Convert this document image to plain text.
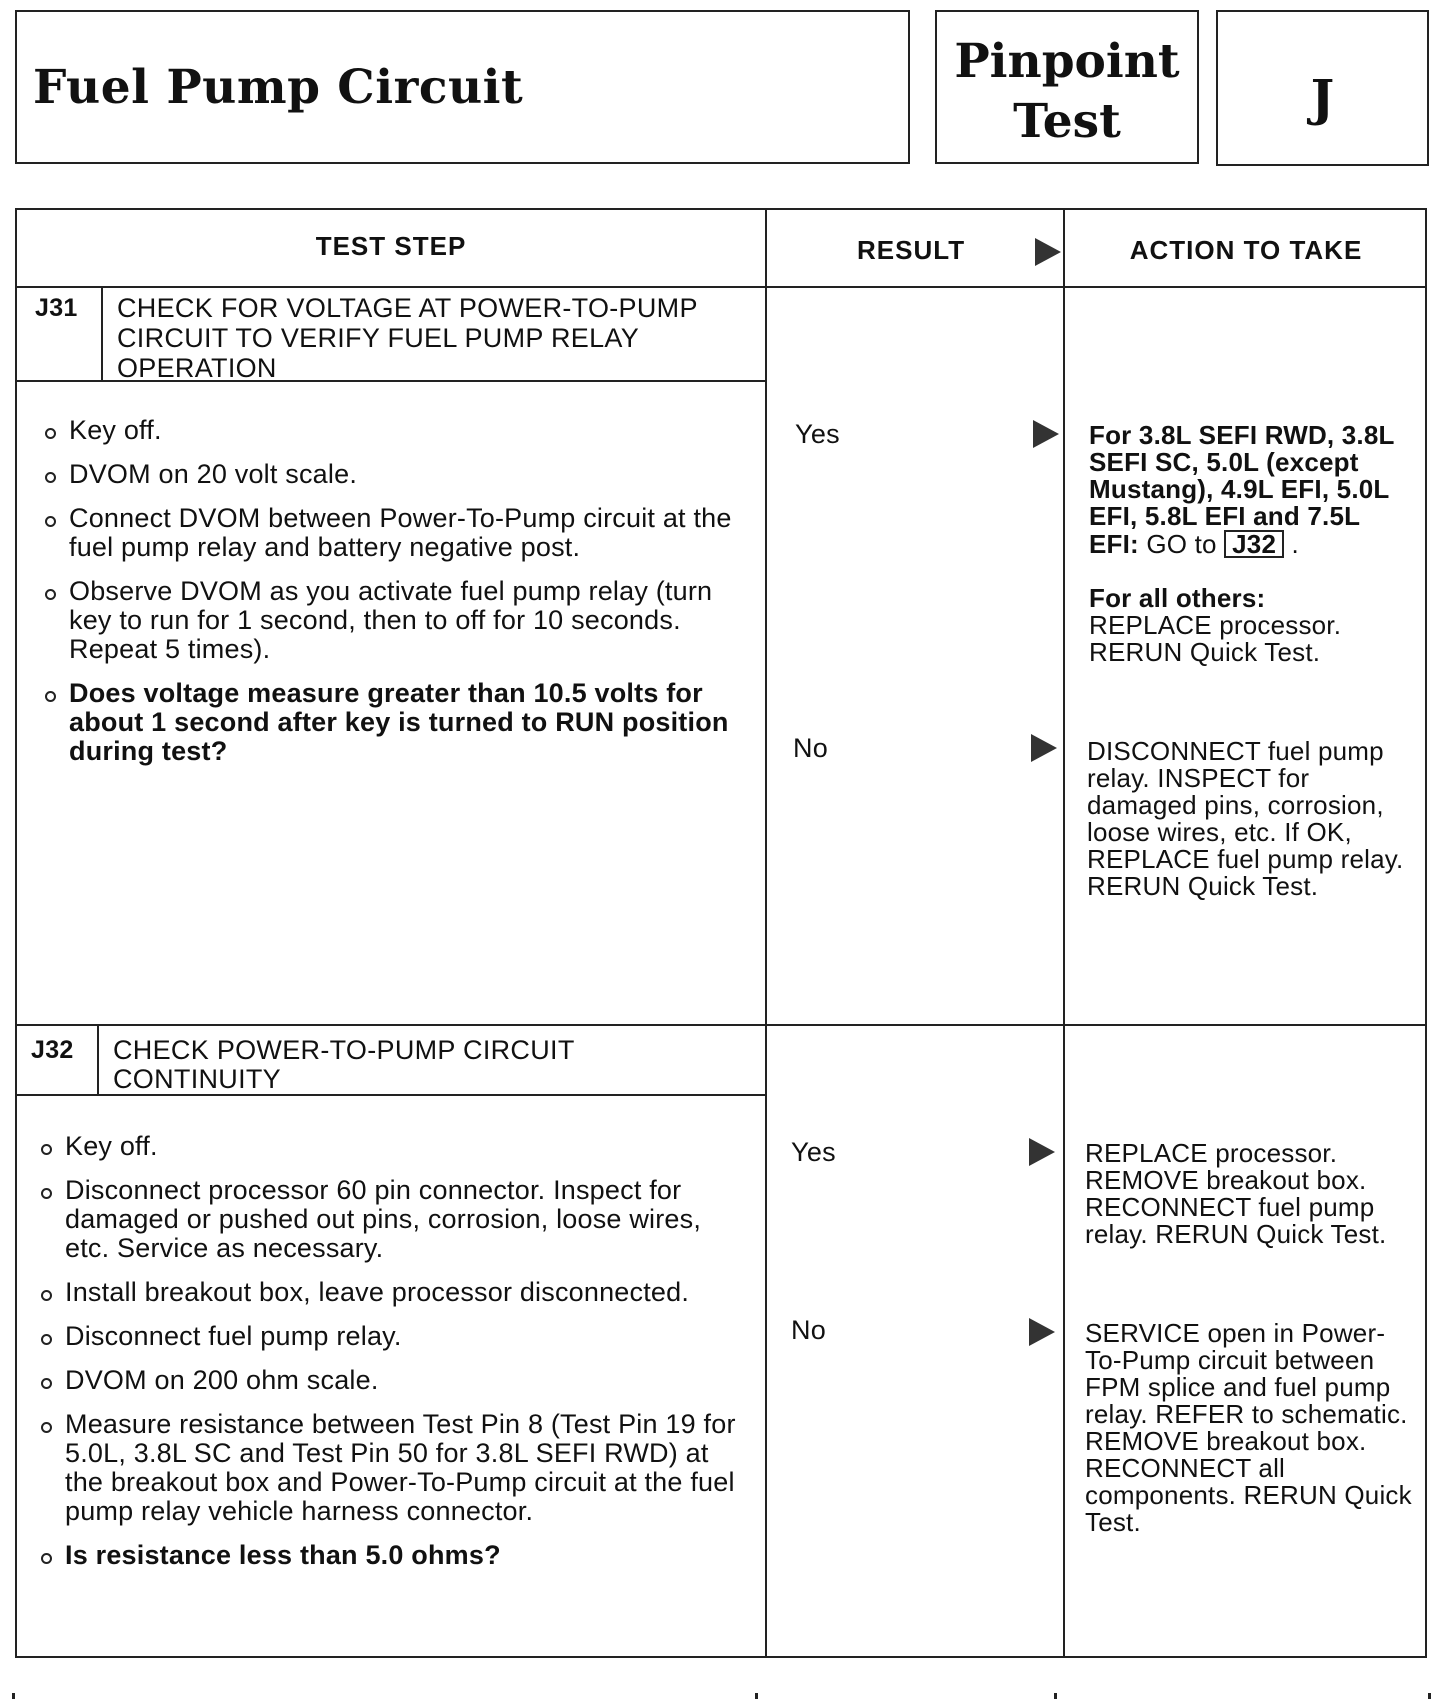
Fuel Pump Circuit	Pinpoint
Test	J
TEST STEP	RESULT	ACTION TO TAKE
J31 CHECK FOR VOLTAGE AT POWER-TO-PUMP
CIRCUIT TO VERIFY FUEL PUMP RELAY
OPERATION
Key off.
DVOM on 20 volt scale.
Connect DVOM between Power-To-Pump circuit at the fuel pump relay and battery negative post.
Observe DVOM as you activate fuel pump relay (turn key to run for 1 second, then to off for 10 seconds. Repeat 5 times).
Does voltage measure greater than 10.5 volts for about 1 second after key is turned to RUN position during test?
Yes	For 3.8L SEFI RWD, 3.8L SEFI SC, 5.0L (except Mustang), 4.9L EFI, 5.0L EFI, 5.8L EFI and 7.5L EFI: GO to J32 .

For all others:
REPLACE processor. RERUN Quick Test.

No	DISCONNECT fuel pump relay. INSPECT for damaged pins, corrosion, loose wires, etc. If OK, REPLACE fuel pump relay. RERUN Quick Test.
J32 CHECK POWER-TO-PUMP CIRCUIT
CONTINUITY
Key off.
Disconnect processor 60 pin connector. Inspect for damaged or pushed out pins, corrosion, loose wires, etc. Service as necessary.
Install breakout box, leave processor disconnected.
Disconnect fuel pump relay.
DVOM on 200 ohm scale.
Measure resistance between Test Pin 8 (Test Pin 19 for 5.0L, 3.8L SC and Test Pin 50 for 3.8L SEFI RWD) at the breakout box and Power-To-Pump circuit at the fuel pump relay vehicle harness connector.
Is resistance less than 5.0 ohms?
Yes	REPLACE processor. REMOVE breakout box. RECONNECT fuel pump relay. RERUN Quick Test.
No	SERVICE open in Power-To-Pump circuit between FPM splice and fuel pump relay. REFER to schematic. REMOVE breakout box. RECONNECT all components. RERUN Quick Test.
